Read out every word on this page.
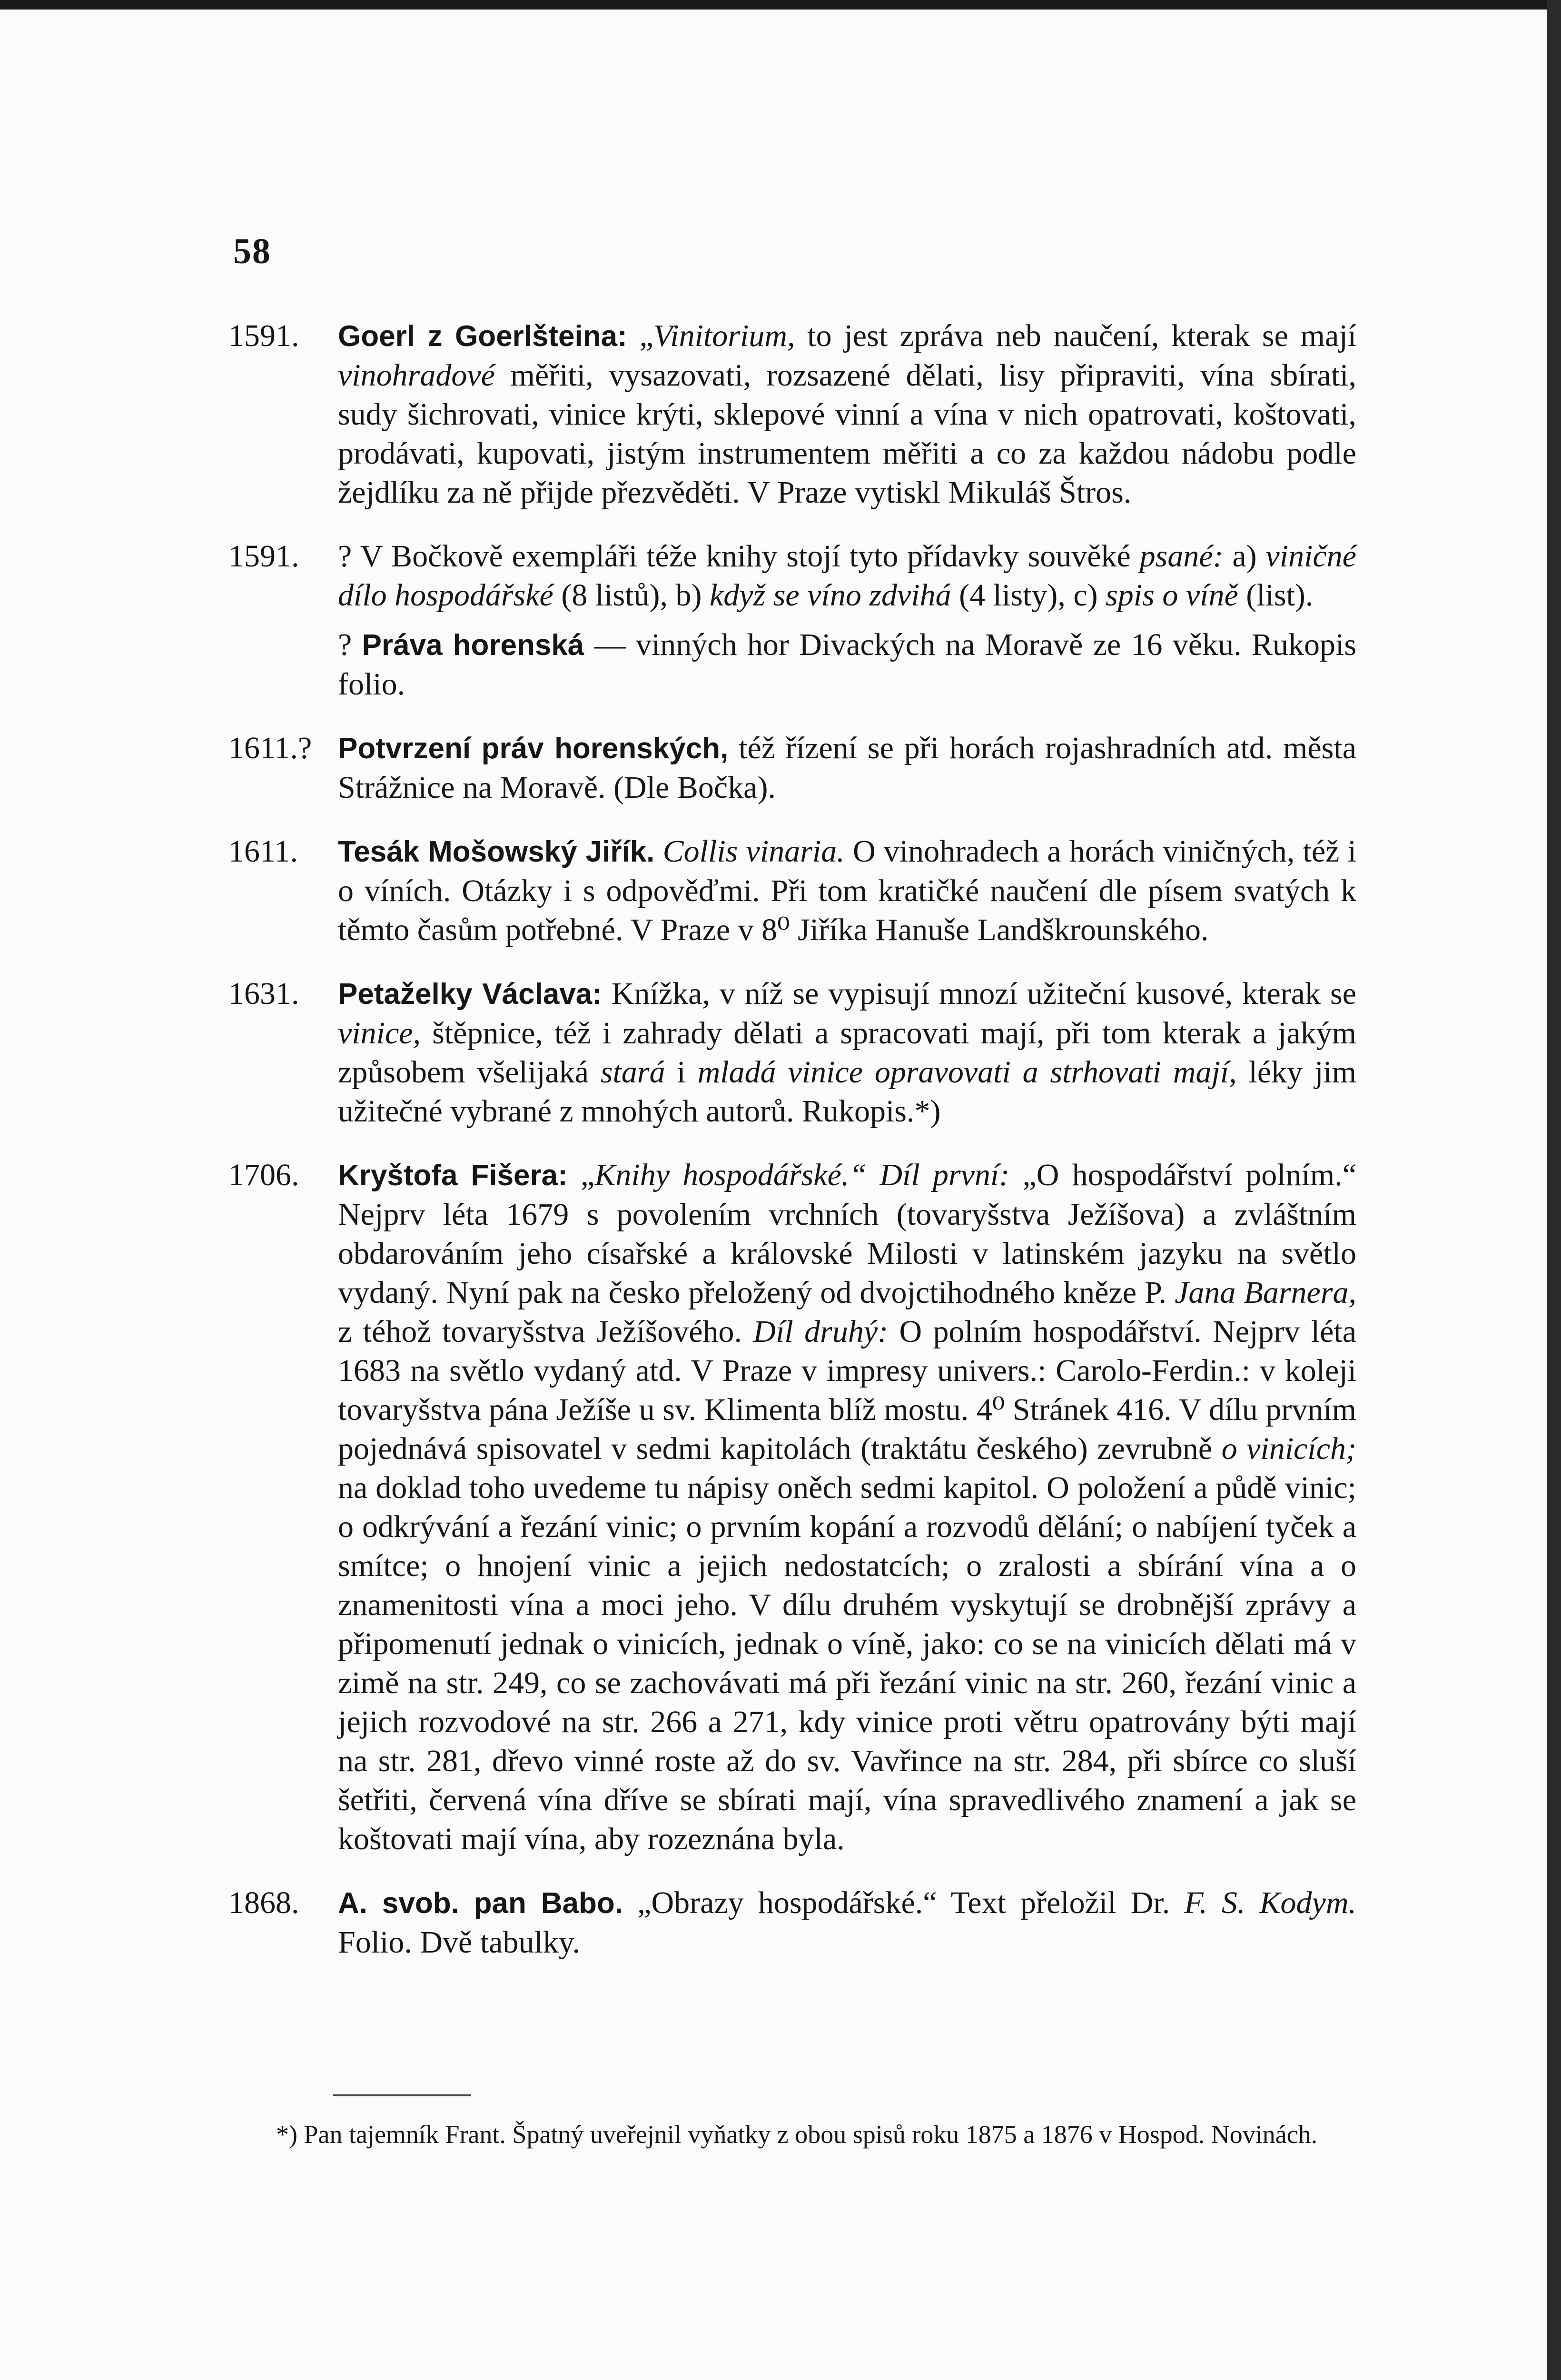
58
1591.	Goerl z Goerlšteina: „Vinitorium, to jest zpráva neb naučení, kterak se mají vinohradové měřiti, vysazovati, rozsazené dělati, lisy připraviti, vína sbírati, sudy šichrovati, vinice krýti, sklepové vinní a vína v nich opatrovati, koštovati, prodávati, kupovati, jistým instrumentem měřiti a co za každou nádobu podle žejdlíku za ně přijde přezvěděti. V Praze vytiskl Mikuláš Štros.
1591.	? V Bočkově exempláři téže knihy stojí tyto přídavky souvěké psané: a) viničné dílo hospodářské (8 listů), b) když se víno zdvihá (4 listy), c) spis o víně (list).
? Práva horenská — vinných hor Divackých na Moravě ze 16 věku. Rukopis folio.
1611.? Potvrzení práv horenských, též řízení se při horách rojashradních atd. města Strážnice na Moravě. (Dle Bočka).
1611.	Tesák Mošowský Jiřík. Collis vinaria. O vinohradech a horách viničných, též i o víních. Otázky i s odpověďmi. Při tom kratičké naučení dle písem svatých k těmto časům potřebné. V Praze v 8⁰ Jiříka Hanuše Landškrounského.
1631.	Petaželky Václava: Knížka, v níž se vypisují mnozí užiteční kusové, kterak se vinice, štěpnice, též i zahrady dělati a spracovati mají, při tom kterak a jakým způsobem všelijaká stará i mladá vinice opravovati a strhovati mají, léky jim užitečné vybrané z mnohých autorů. Rukopis.*)
1706.	Kryštofa Fišera: „Knihy hospodářské.“ Díl první: „O hospodářství polním.“ Nejprv léta 1679 s povolením vrchních (tovaryšstva Ježíšova) a zvláštním obdarováním jeho císařské a královské Milosti v latinském jazyku na světlo vydaný. Nyní pak na česko přeložený od dvojctihodného kněze P. Jana Barnera, z téhož tovaryšstva Ježíšového. Díl druhý: O polním hospodářství. Nejprv léta 1683 na světlo vydaný atd. V Praze v impresy univers.: Carolo-Ferdin.: v koleji tovaryšstva pána Ježíše u sv. Klimenta blíž mostu. 4⁰ Stránek 416. V dílu prvním pojednává spisovatel v sedmi kapitolách (traktátu českého) zevrubně o vinicích; na doklad toho uvedeme tu nápisy oněch sedmi kapitol. O položení a půdě vinic; o odkrývání a řezání vinic; o prvním kopání a rozvodů dělání; o nabíjení tyček a smítce; o hnojení vinic a jejich nedostatcích; o zralosti a sbírání vína a o znamenitosti vína a moci jeho. V dílu druhém vyskytují se drobnější zprávy a připomenutí jednak o vinicích, jednak o víně, jako: co se na vinicích dělati má v zimě na str. 249, co se zachovávati má při řezání vinic na str. 260, řezání vinic a jejich rozvodové na str. 266 a 271, kdy vinice proti větru opatrovány býti mají na str. 281, dřevo vinné roste až do sv. Vavřince na str. 284, při sbírce co sluší šetřiti, červená vína dříve se sbírati mají, vína spravedlivého znamení a jak se koštovati mají vína, aby rozeznána byla.
1868.	A. svob. pan Babo. „Obrazy hospodářské.“ Text přeložil Dr. F. S. Kodym. Folio. Dvě tabulky.
*) Pan tajemník Frant. Špatný uveřejnil vyňatky z obou spisů roku 1875 a 1876 v Hospod. Novinách.
